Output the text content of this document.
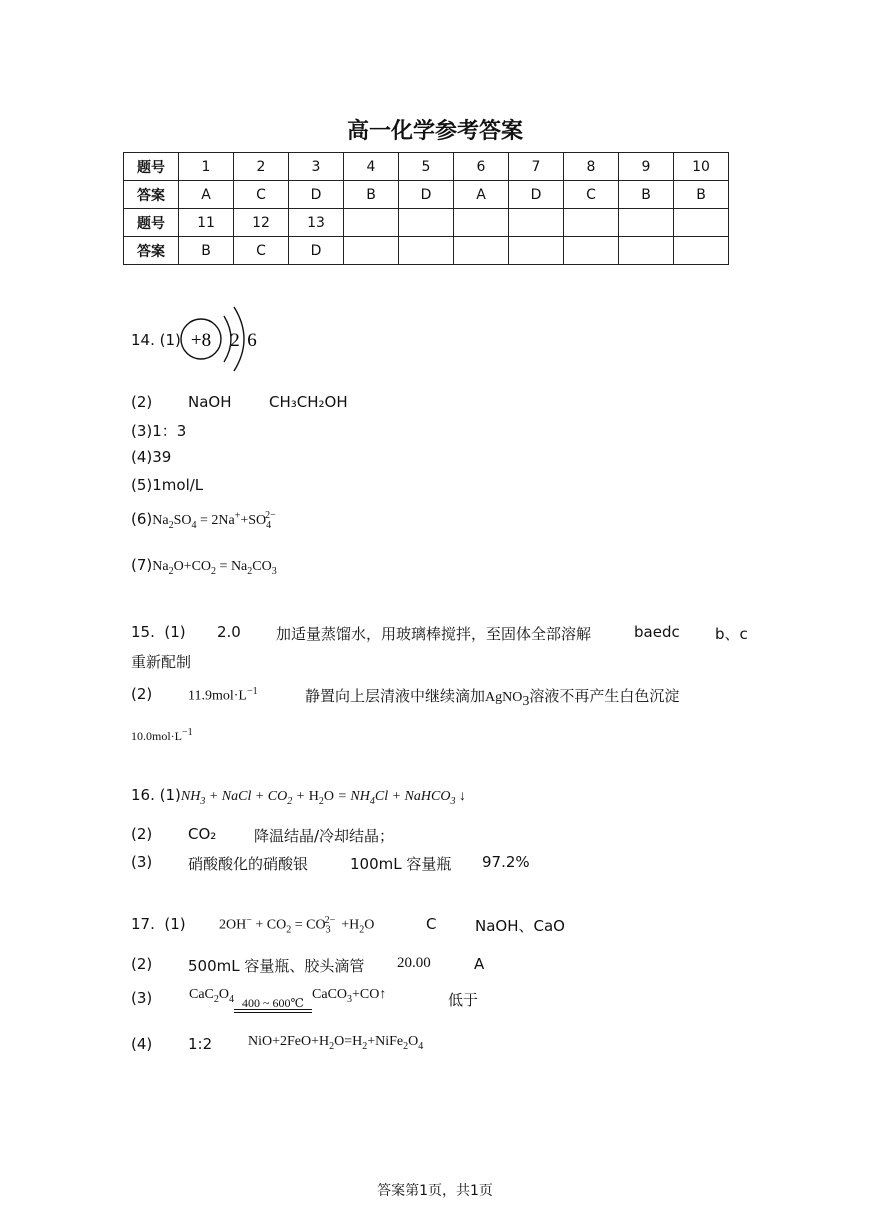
高一化学参考答案
题号	1	2	3	4	5	6	7	8	9	10
答案	A	C	D	B	D	A	D	C	B	B
题号	11	12	13							
答案	B	C	D							
14. (1) +8 2 6
(2) NaOH	CH₃CH₂OH
(3)1：3
(4)39
(5)1mol/L
$(6)Na_2SO_4 = 2Na^++SO_4^{2-}$
$(7)Na_2O+CO_2 = Na_2CO_3$
15. (1) 2.0 加适量蒸馏水，用玻璃棒搅拌，至固体全部溶解	baedc b、c
重新配制
(2)	$11.9mol\cdot L^{-1}$	静置向上层清液中继续滴加AgNO$_3$溶液不再产生白色沉淀
$10.0mol\cdot L^{-1}$
16. $(1)NH_3$ + NaCl + $CO_2 + H_2O = NH_4Cl$ + NaHCO$_3$ ↓
(2) CO₂	降温结晶/冷却结晶；
(3) 硝酸酸化的硝酸银	100mL 容量瓶 97.2%
17. (1) $2OH^- + CO_2 = CO_3^{2-} +H_2O$	C	NaOH、CaO
(2) 500mL 容量瓶、胶头滴管 20.00	A
(3)	$CaC_2O_4$ 400 ~ 600℃
CaCO$_3$+CO↑	低于
(4) 1:2	$NiO+2FeO+H_2O=H_2+NiFe_2O_4$
答案第1页，共1页
